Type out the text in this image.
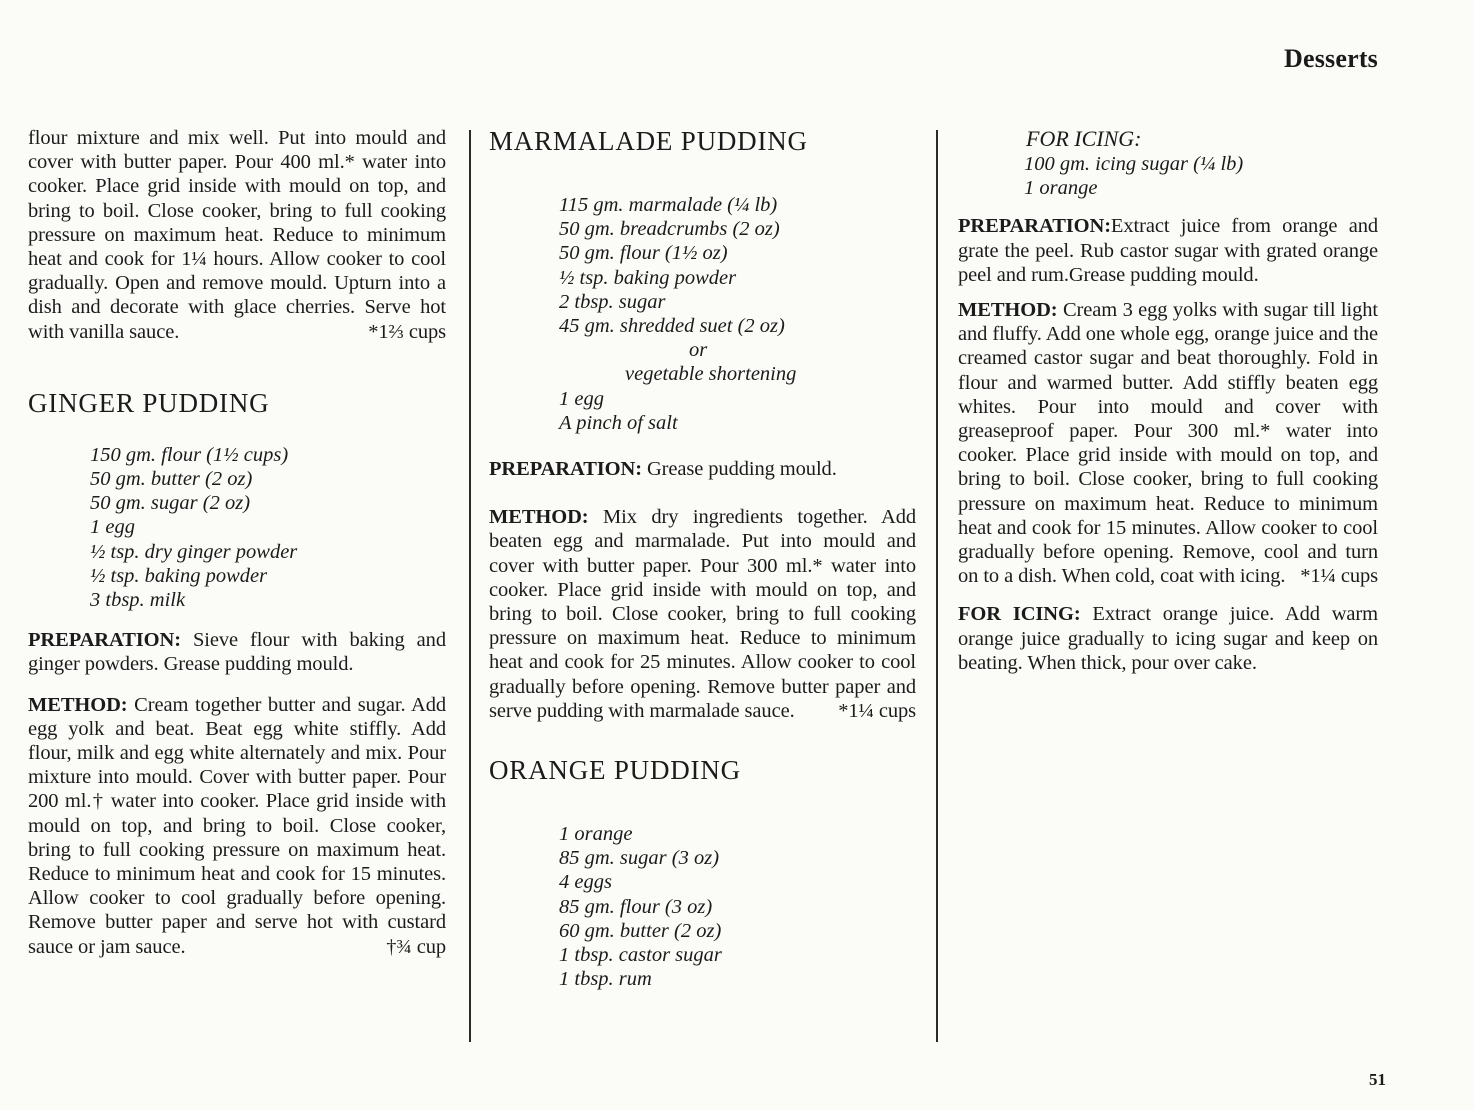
Desserts

flour mixture and mix well. Put into mould and cover with butter paper. Pour 400 ml.* water into cooker. Place grid inside with mould on top, and bring to boil. Close cooker, bring to full cooking pressure on maximum heat. Reduce to minimum heat and cook for 1¼ hours. Allow cooker to cool gradually. Open and remove mould. Upturn into a dish and decorate with glace cherries. Serve hot with vanilla sauce.	*1⅔ cups

GINGER PUDDING
150 gm. flour (1½ cups)
50 gm. butter (2 oz)
50 gm. sugar (2 oz)
1 egg
½ tsp. dry ginger powder
½ tsp. baking powder
3 tbsp. milk

PREPARATION: Sieve flour with baking and ginger powders. Grease pudding mould.

METHOD: Cream together butter and sugar. Add egg yolk and beat. Beat egg white stiffly. Add flour, milk and egg white alternately and mix. Pour mixture into mould. Cover with butter paper. Pour 200 ml.† water into cooker. Place grid inside with mould on top, and bring to boil. Close cooker, bring to full cooking pressure on maximum heat. Reduce to minimum heat and cook for 15 minutes. Allow cooker to cool gradually before opening. Remove butter paper and serve hot with custard sauce or jam sauce.	†¾ cup

MARMALADE PUDDING
115 gm. marmalade (¼ lb)
50 gm. breadcrumbs (2 oz)
50 gm. flour (1½ oz)
½ tsp. baking powder
2 tbsp. sugar
45 gm. shredded suet (2 oz)
or
vegetable shortening
1 egg
A pinch of salt

PREPARATION: Grease pudding mould.

METHOD: Mix dry ingredients together. Add beaten egg and marmalade. Put into mould and cover with butter paper. Pour 300 ml.* water into cooker. Place grid inside with mould on top, and bring to boil. Close cooker, bring to full cooking pressure on maximum heat. Reduce to minimum heat and cook for 25 minutes. Allow cooker to cool gradually before opening. Remove butter paper and serve pudding with marmalade sauce. *1¼ cups

ORANGE PUDDING
1 orange
85 gm. sugar (3 oz)
4 eggs
85 gm. flour (3 oz)
60 gm. butter (2 oz)
1 tbsp. castor sugar
1 tbsp. rum
FOR ICING:
100 gm. icing sugar (¼ lb)
1 orange

PREPARATION:Extract juice from orange and grate the peel. Rub castor sugar with grated orange peel and rum.Grease pudding mould.

METHOD: Cream 3 egg yolks with sugar till light and fluffy. Add one whole egg, orange juice and the creamed castor sugar and beat thoroughly. Fold in flour and warmed butter. Add stiffly beaten egg whites. Pour into mould and cover with greaseproof paper. Pour 300 ml.* water into cooker. Place grid inside with mould on top, and bring to boil. Close cooker, bring to full cooking pressure on maximum heat. Reduce to minimum heat and cook for 15 minutes. Allow cooker to cool gradually before opening. Remove, cool and turn on to a dish. When cold, coat with icing. *1¼ cups

FOR ICING: Extract orange juice. Add warm orange juice gradually to icing sugar and keep on beating. When thick, pour over cake.

51
